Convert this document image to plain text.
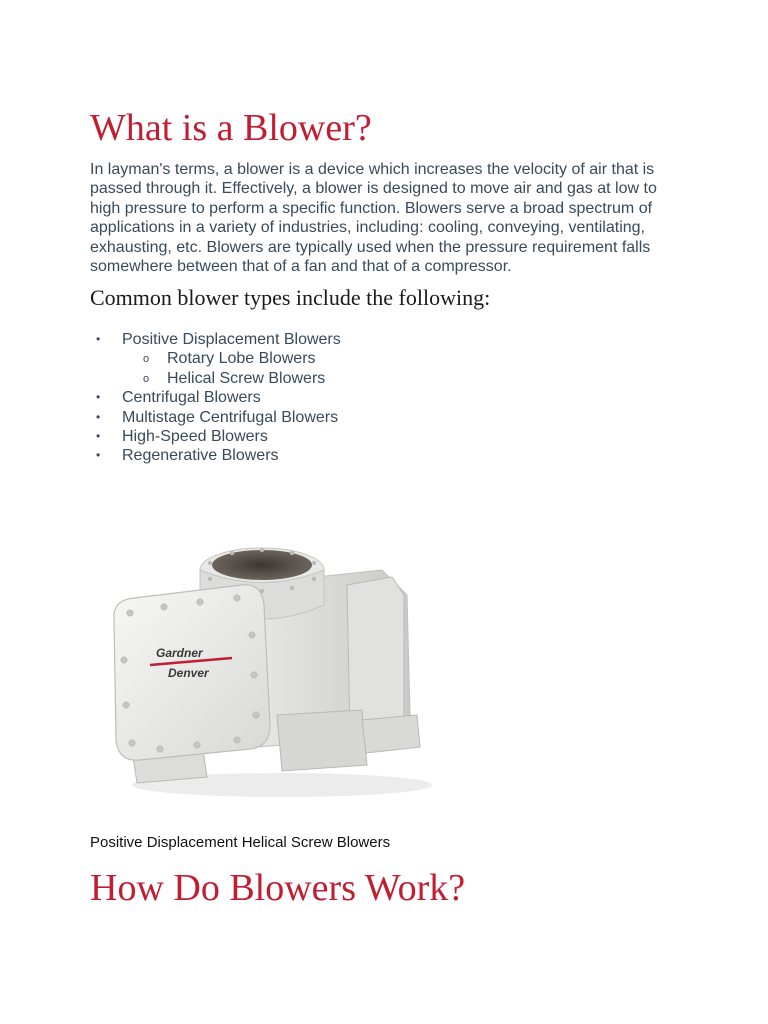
What is a Blower?

In layman's terms, a blower is a device which increases the velocity of air that is passed through it. Effectively, a blower is designed to move air and gas at low to high pressure to perform a specific function. Blowers serve a broad spectrum of applications in a variety of industries, including: cooling, conveying, ventilating, exhausting, etc. Blowers are typically used when the pressure requirement falls somewhere between that of a fan and that of a compressor.

Common blower types include the following:
• Positive Displacement Blowers
o Rotary Lobe Blowers
o Helical Screw Blowers
• Centrifugal Blowers
• Multistage Centrifugal Blowers
• High-Speed Blowers
• Regenerative Blowers
Gardner
Denver

Positive Displacement Helical Screw Blowers

How Do Blowers Work?
